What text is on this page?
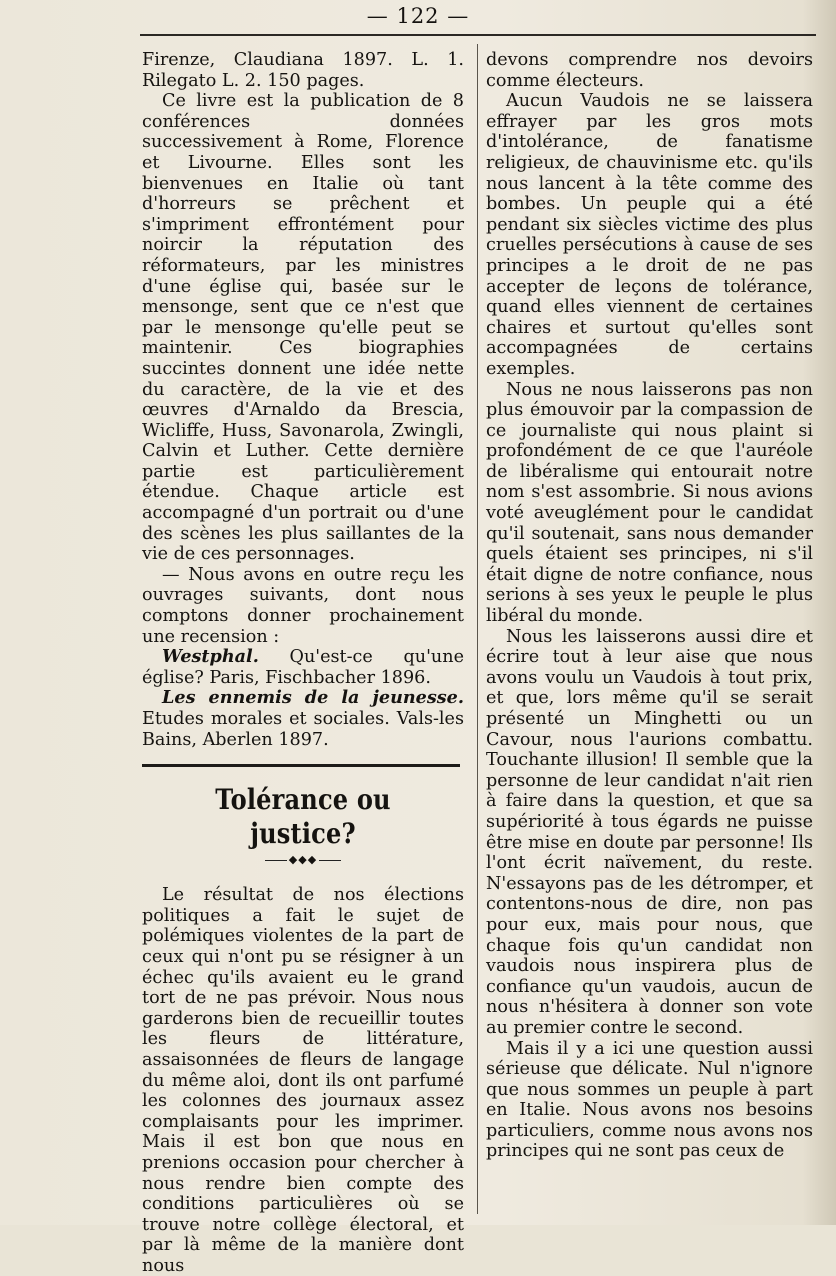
— 122 —

Firenze, Claudiana 1897. L. 1. Rilegato L. 2. 150 pages.

Ce livre est la publication de 8 conférences données successivement à Rome, Florence et Livourne. Elles sont les bienvenues en Italie où tant d'horreurs se prêchent et s'impriment effrontément pour noircir la réputation des réformateurs, par les ministres d'une église qui, basée sur le mensonge, sent que ce n'est que par le mensonge qu'elle peut se maintenir. Ces biographies succintes donnent une idée nette du caractère, de la vie et des œuvres d'Arnaldo da Brescia, Wicliffe, Huss, Savonarola, Zwingli, Calvin et Luther. Cette dernière partie est particulièrement étendue. Chaque article est accompagné d'un portrait ou d'une des scènes les plus saillantes de la vie de ces personnages.

— Nous avons en outre reçu les ouvrages suivants, dont nous comptons donner prochainement une recension :

Westphal. Qu'est-ce qu'une église? Paris, Fischbacher 1896.

Les ennemis de la jeunesse. Etudes morales et sociales. Vals-les Bains, Aberlen 1897.

Tolérance ou justice?
◆◆◆

Le résultat de nos élections politiques a fait le sujet de polémiques violentes de la part de ceux qui n'ont pu se résigner à un échec qu'ils avaient eu le grand tort de ne pas prévoir. Nous nous garderons bien de recueillir toutes les fleurs de littérature, assaisonnées de fleurs de langage du même aloi, dont ils ont parfumé les colonnes des journaux assez complaisants pour les imprimer. Mais il est bon que nous en prenions occasion pour chercher à nous rendre bien compte des conditions particulières où se trouve notre collège électoral, et par là même de la manière dont nous

devons comprendre nos devoirs comme électeurs.

Aucun Vaudois ne se laissera effrayer par les gros mots d'intolérance, de fanatisme religieux, de chauvinisme etc. qu'ils nous lancent à la tête comme des bombes. Un peuple qui a été pendant six siècles victime des plus cruelles persécutions à cause de ses principes a le droit de ne pas accepter de leçons de tolérance, quand elles viennent de certaines chaires et surtout qu'elles sont accompagnées de certains exemples.

Nous ne nous laisserons pas non plus émouvoir par la compassion de ce journaliste qui nous plaint si profondément de ce que l'auréole de libéralisme qui entourait notre nom s'est assombrie. Si nous avions voté aveuglément pour le candidat qu'il soutenait, sans nous demander quels étaient ses principes, ni s'il était digne de notre confiance, nous serions à ses yeux le peuple le plus libéral du monde.

Nous les laisserons aussi dire et écrire tout à leur aise que nous avons voulu un Vaudois à tout prix, et que, lors même qu'il se serait présenté un Minghetti ou un Cavour, nous l'aurions combattu. Touchante illusion! Il semble que la personne de leur candidat n'ait rien à faire dans la question, et que sa supériorité à tous égards ne puisse être mise en doute par personne! Ils l'ont écrit naïvement, du reste. N'essayons pas de les détromper, et contentons-nous de dire, non pas pour eux, mais pour nous, que chaque fois qu'un candidat non vaudois nous inspirera plus de confiance qu'un vaudois, aucun de nous n'hésitera à donner son vote au premier contre le second.

Mais il y a ici une question aussi sérieuse que délicate. Nul n'ignore que nous sommes un peuple à part en Italie. Nous avons nos besoins particuliers, comme nous avons nos principes qui ne sont pas ceux de
